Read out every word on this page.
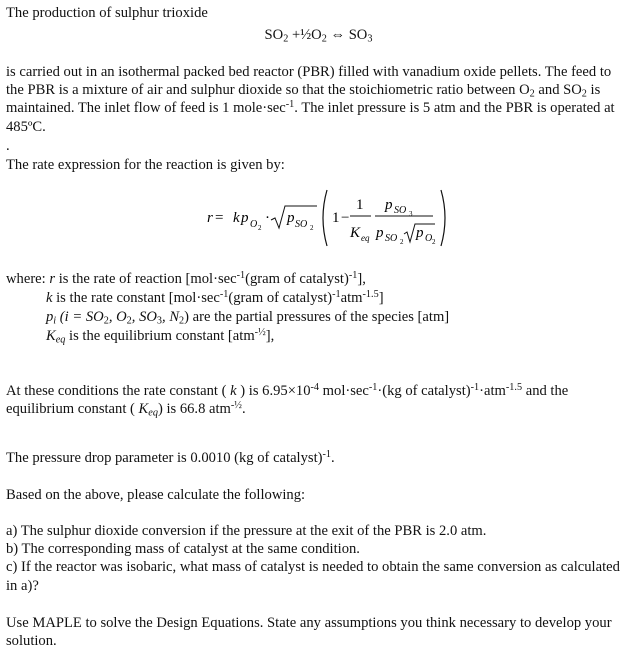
The production of sulphur trioxide

$SO_2$ $+\frac{1}{2}O_2$ ⇔ $SO_3$

is carried out in an isothermal packed bed reactor (PBR) filled with vanadium oxide pellets. The feed to the PBR is a mixture of air and sulphur dioxide so that the stoichiometric ratio between $O_2$ and $SO_2$ is maintained. The inlet flow of feed is 1 $mole\cdot\sec^{-1}$. The inlet pressure is 5 atm and the PBR is operated at 485ºC.

.

The rate expression for the reaction is given by:

r = k p O 2
· p SO 2
1 −
1
K eq
p SO 3
p SO 2
p O 2
where: r is the rate of reaction [$mol\cdot\sec^{-1}(gram$ of catalyst)$^{-1}$],
k is the rate constant [$mol\cdot\sec^{-1}(gram$ of catalyst)$^{-1}$atm$^{-1.5}$]
$p_i$ ($i = SO_2$, $O_2$, $SO_3$, $N_2$) are the partial pressures of the species [atm]
$K_{eq}$ is the equilibrium constant [atm$^{-\frac{1}{2}}$],

At these conditions the rate constant ( k ) is $6.95\times 10^{-4}$ $mol\cdot\sec^{-1}\cdot(kg$ of catalyst)$^{-1}$·atm$^{-1.5}$ and the equilibrium constant ( $K_{eq}$) is 66.8 atm$^{-\frac{1}{2}}$.

The pressure drop parameter is 0.0010 (kg of catalyst)$^{-1}$.

Based on the above, please calculate the following:

a) The sulphur dioxide conversion if the pressure at the exit of the PBR is 2.0 atm.
b) The corresponding mass of catalyst at the same condition.
c) If the reactor was isobaric, what mass of catalyst is needed to obtain the same conversion as calculated in a)?

Use MAPLE to solve the Design Equations. State any assumptions you think necessary to develop your solution.
